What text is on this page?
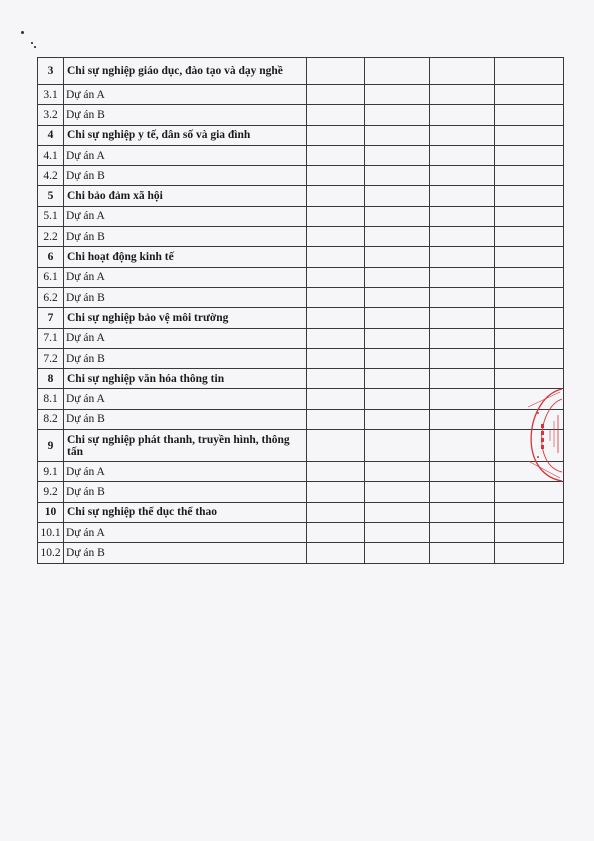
3	Chi sự nghiệp giáo dục, đào tạo và dạy nghề				
3.1	Dự án A				
3.2	Dự án B				
4	Chi sự nghiệp y tế, dân số và gia đình				
4.1	Dự án A				
4.2	Dự án B				
5	Chi bảo đảm xã hội				
5.1	Dự án A				
2.2	Dự án B				
6	Chi hoạt động kinh tế				
6.1	Dự án A				
6.2	Dự án B				
7	Chi sự nghiệp bảo vệ môi trường				
7.1	Dự án A				
7.2	Dự án B				
8	Chi sự nghiệp văn hóa thông tin				
8.1	Dự án A				
8.2	Dự án B				
9	Chi sự nghiệp phát thanh, truyền hình, thông tấn				
9.1	Dự án A				
9.2	Dự án B				
10	Chi sự nghiệp thể dục thể thao				
10.1	Dự án A				
10.2	Dự án B				
